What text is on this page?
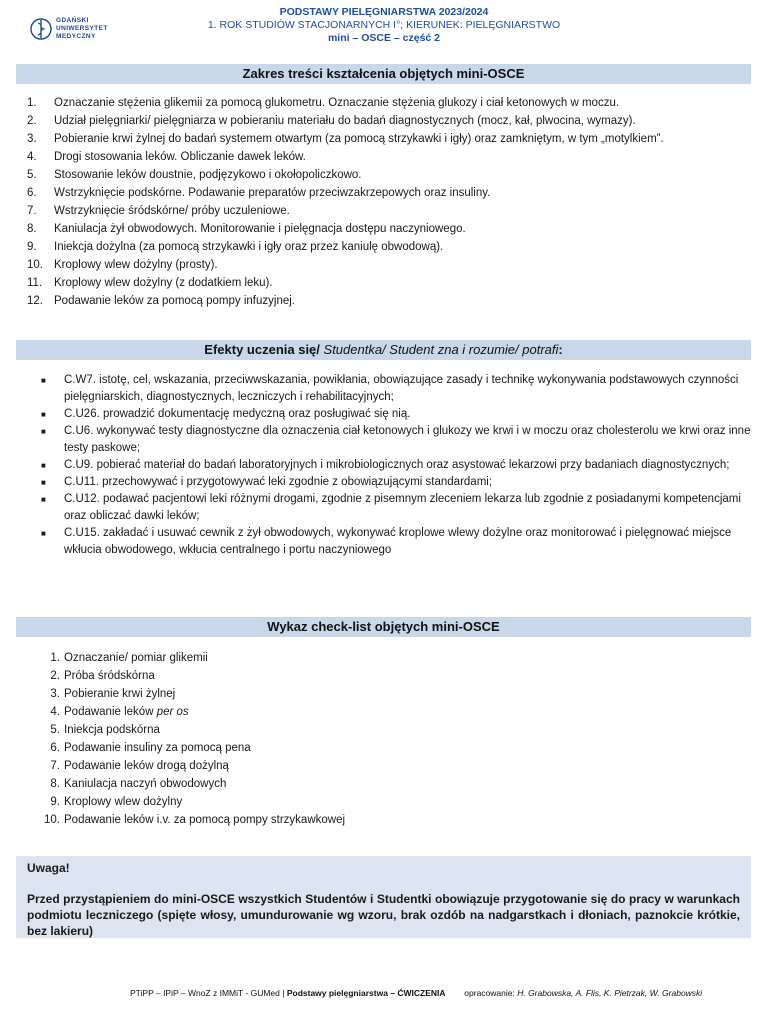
GDAŃSKI
UNIWERSYTET
MEDYCZNY
PODSTAWY PIELĘGNIARSTWA 2023/2024
1. ROK STUDIÓW STACJONARNYCH I°; KIERUNEK: PIELĘGNIARSTWO
mini – OSCE – część 2
Zakres treści kształcenia objętych mini-OSCE
1.	Oznaczanie stężenia glikemii za pomocą glukometru. Oznaczanie stężenia glukozy i ciał ketonowych w moczu.
2.	Udział pielęgniarki/ pielęgniarza w pobieraniu materiału do badań diagnostycznych (mocz, kał, plwocina, wymazy).
3.	Pobieranie krwi żylnej do badań systemem otwartym (za pomocą strzykawki i igły) oraz zamkniętym, w tym „motylkiem”.
4.	Drogi stosowania leków. Obliczanie dawek leków.
5.	Stosowanie leków doustnie, podjęzykowo i okołopoliczkowo.
6.	Wstrzyknięcie podskórne. Podawanie preparatów przeciwzakrzepowych oraz insuliny.
7.	Wstrzyknięcie śródskórne/ próby uczuleniowe.
8.	Kaniulacja żył obwodowych. Monitorowanie i pielęgnacja dostępu naczyniowego.
9.	Iniekcja dożylna (za pomocą strzykawki i igły oraz przez kaniulę obwodową).
10. Kroplowy wlew dożylny (prosty).
11.	Kroplowy wlew dożylny (z dodatkiem leku).
12. Podawanie leków za pomocą pompy infuzyjnej.
Efekty uczenia się/ Studentka/ Student zna i rozumie/ potrafi:
■	C.W7. istotę, cel, wskazania, przeciwwskazania, powikłania, obowiązujące zasady i technikę wykonywania podstawowych czynności pielęgniarskich, diagnostycznych, leczniczych i rehabilitacyjnych;
■	C.U26. prowadzić dokumentację medyczną oraz posługiwać się nią.
■	C.U6. wykonywać testy diagnostyczne dla oznaczenia ciał ketonowych i glukozy we krwi i w moczu oraz cholesterolu we krwi oraz inne testy paskowe;
■	C.U9. pobierać materiał do badań laboratoryjnych i mikrobiologicznych oraz asystować lekarzowi przy badaniach diagnostycznych;
■	C.U11. przechowywać i przygotowywać leki zgodnie z obowiązującymi standardami;
■	C.U12. podawać pacjentowi leki różnymi drogami, zgodnie z pisemnym zleceniem lekarza lub zgodnie z posiadanymi kompetencjami oraz obliczać dawki leków;
■	C.U15. zakładać i usuwać cewnik z żył obwodowych, wykonywać kroplowe wlewy dożylne oraz monitorować i pielęgnować miejsce wkłucia obwodowego, wkłucia centralnego i portu naczyniowego
Wykaz check-list objętych mini-OSCE
1. Oznaczanie/ pomiar glikemii
2. Próba śródskórna
3. Pobieranie krwi żylnej
4. Podawanie leków per os
5. Iniekcja podskórna
6. Podawanie insuliny za pomocą pena
7. Podawanie leków drogą dożylną
8. Kaniulacja naczyń obwodowych
9. Kroplowy wlew dożylny
10. Podawanie leków i.v. za pomocą pompy strzykawkowej
Uwaga!
Przed przystąpieniem do mini-OSCE wszystkich Studentów i Studentki obowiązuje przygotowanie się do pracy w warunkach podmiotu leczniczego (spięte włosy, umundurowanie wg wzoru, brak ozdób na nadgarstkach i dłoniach, paznokcie krótkie, bez lakieru)
PTiPP – IPiP – WnoZ z IMMiT - GUMed | Podstawy pielęgniarstwa – ĆWICZENIA opracowanie: H. Grabowska, A. Flis, K. Pietrzak, W. Grabowski
